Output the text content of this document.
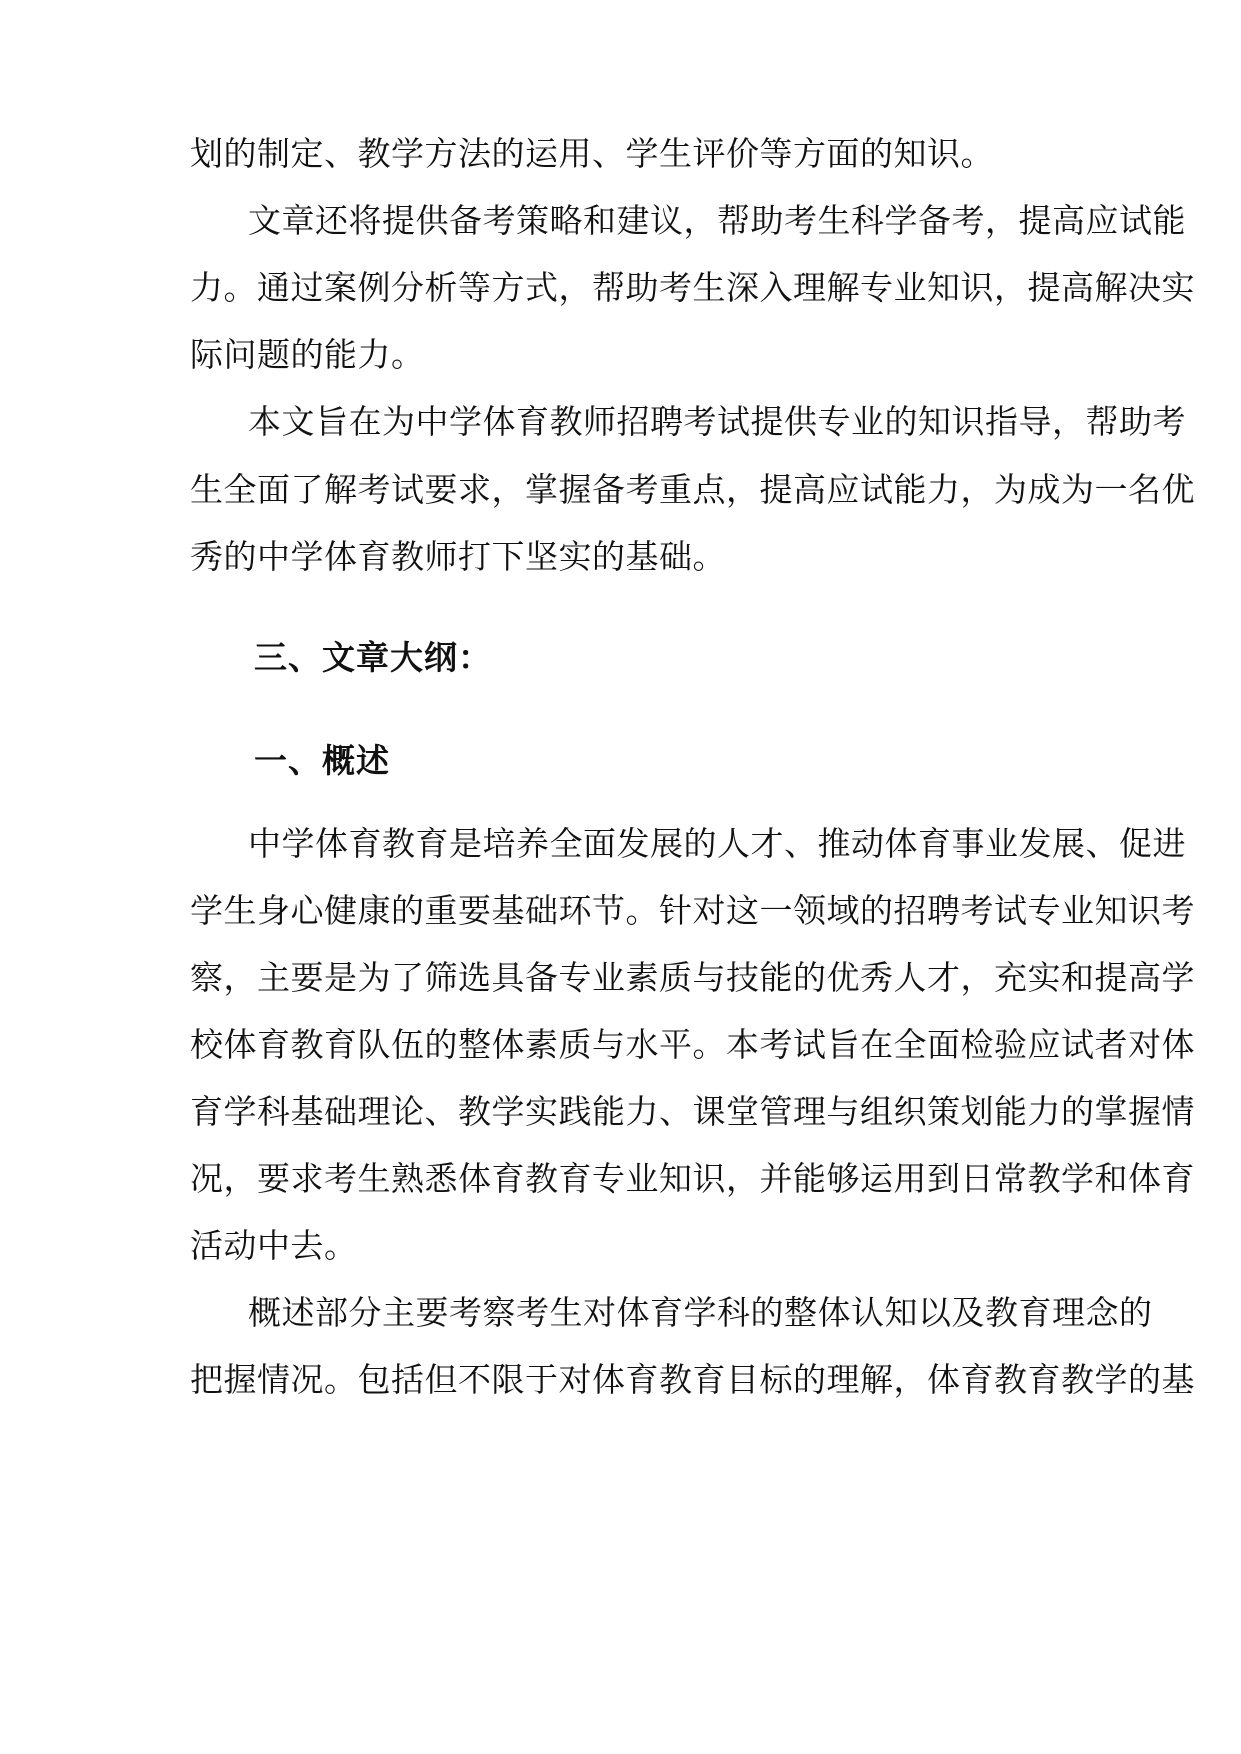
划的制定、教学方法的运用、学生评价等方面的知识。
文章还将提供备考策略和建议，帮助考生科学备考，提高应试能
力。通过案例分析等方式，帮助考生深入理解专业知识，提高解决实
际问题的能力。
本文旨在为中学体育教师招聘考试提供专业的知识指导，帮助考
生全面了解考试要求，掌握备考重点，提高应试能力，为成为一名优
秀的中学体育教师打下坚实的基础。
三、文章大纲：
一、概述
中学体育教育是培养全面发展的人才、推动体育事业发展、促进
学生身心健康的重要基础环节。针对这一领域的招聘考试专业知识考
察，主要是为了筛选具备专业素质与技能的优秀人才，充实和提高学
校体育教育队伍的整体素质与水平。本考试旨在全面检验应试者对体
育学科基础理论、教学实践能力、课堂管理与组织策划能力的掌握情
况，要求考生熟悉体育教育专业知识，并能够运用到日常教学和体育
活动中去。
概述部分主要考察考生对体育学科的整体认知以及教育理念的
把握情况。包括但不限于对体育教育目标的理解，体育教育教学的基
